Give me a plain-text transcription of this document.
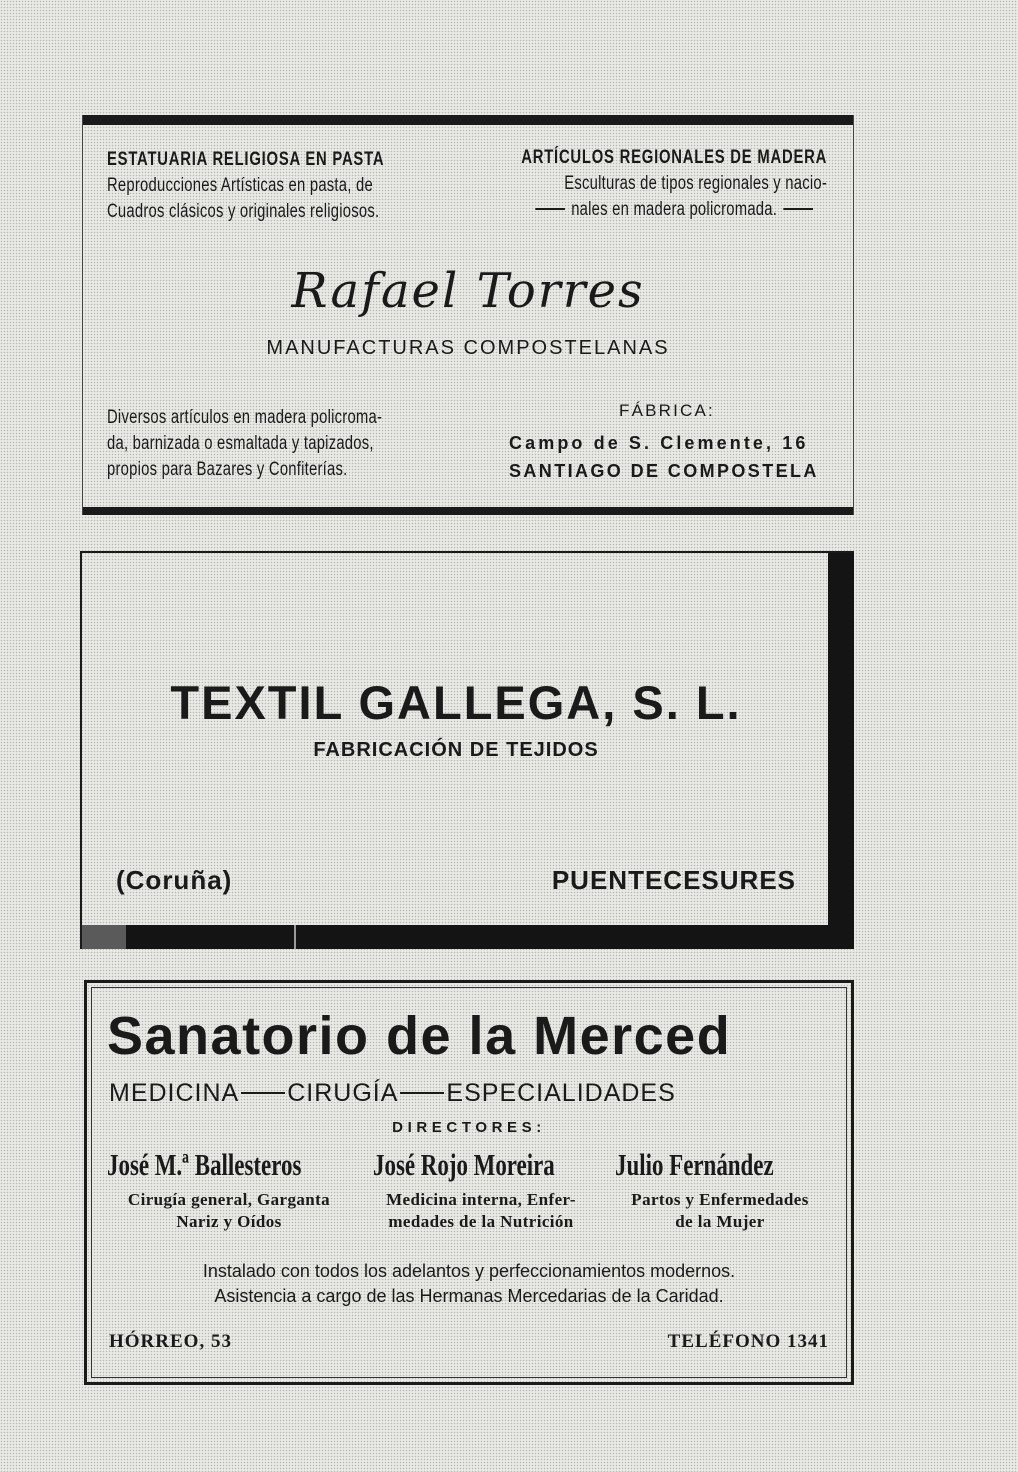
ESTATUARIA RELIGIOSA EN PASTA
Reproducciones Artísticas en pasta, de
Cuadros clásicos y originales religiosos.
ARTÍCULOS REGIONALES DE MADERA
Esculturas de tipos regionales y nacio-
nales en madera policromada.
Rafael Torres
MANUFACTURAS COMPOSTELANAS
Diversos artículos en madera policroma-
da, barnizada o esmaltada y tapizados,
propios para Bazares y Confiterías.
FÁBRICA:
Campo de S. Clemente, 16
SANTIAGO DE COMPOSTELA
TEXTIL GALLEGA, S. L.
FABRICACIÓN DE TEJIDOS
(Coruña)	PUENTECESURES
Sanatorio de la Merced
MEDICINA CIRUGÍA ESPECIALIDADES
DIRECTORES:
José M.ª Ballesteros
Cirugía general, Garganta
Nariz y Oídos
José Rojo Moreira
Medicina interna, Enfer-
medades de la Nutrición
Julio Fernández
Partos y Enfermedades
de la Mujer
Instalado con todos los adelantos y perfeccionamientos modernos.
Asistencia a cargo de las Hermanas Mercedarias de la Caridad.
HÓRREO, 53	TELÉFONO 1341
